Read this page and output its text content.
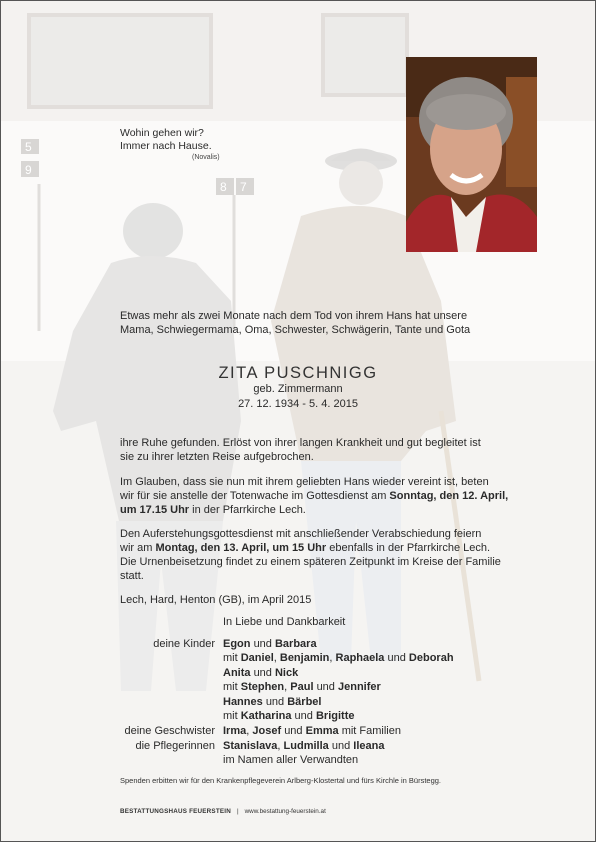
5
9
8 7
Wohin gehen wir?
Immer nach Hause.
(Novalis)
Etwas mehr als zwei Monate nach dem Tod von ihrem Hans hat unsere
Mama, Schwiegermama, Oma, Schwester, Schwägerin, Tante und Gota
ZITA PUSCHNIGG
geb. Zimmermann
27. 12. 1934 - 5. 4. 2015
ihre Ruhe gefunden. Erlöst von ihrer langen Krankheit und gut begleitet ist
sie zu ihrer letzten Reise aufgebrochen.
Im Glauben, dass sie nun mit ihrem geliebten Hans wieder vereint ist, beten
wir für sie anstelle der Totenwache im Gottesdienst am Sonntag, den 12. April,
um 17.15 Uhr in der Pfarrkirche Lech.
Den Auferstehungsgottesdienst mit anschließender Verabschiedung feiern
wir am Montag, den 13. April, um 15 Uhr ebenfalls in der Pfarrkirche Lech.
Die Urnenbeisetzung findet zu einem späteren Zeitpunkt im Kreise der Familie
statt.
Lech, Hard, Henton (GB), im April 2015
In Liebe und Dankbarkeit
deine Kinder Egon und Barbara
mit Daniel, Benjamin, Raphaela und Deborah
Anita und Nick
mit Stephen, Paul und Jennifer
Hannes und Bärbel
mit Katharina und Brigitte
deine Geschwister Irma, Josef und Emma mit Familien
die Pflegerinnen Stanislava, Ludmilla und Ileana
im Namen aller Verwandten
Spenden erbitten wir für den Krankenpflegeverein Arlberg-Klostertal und fürs Kirchle in Bürstegg.
BESTATTUNGSHAUS FEUERSTEIN | www.bestattung-feuerstein.at
